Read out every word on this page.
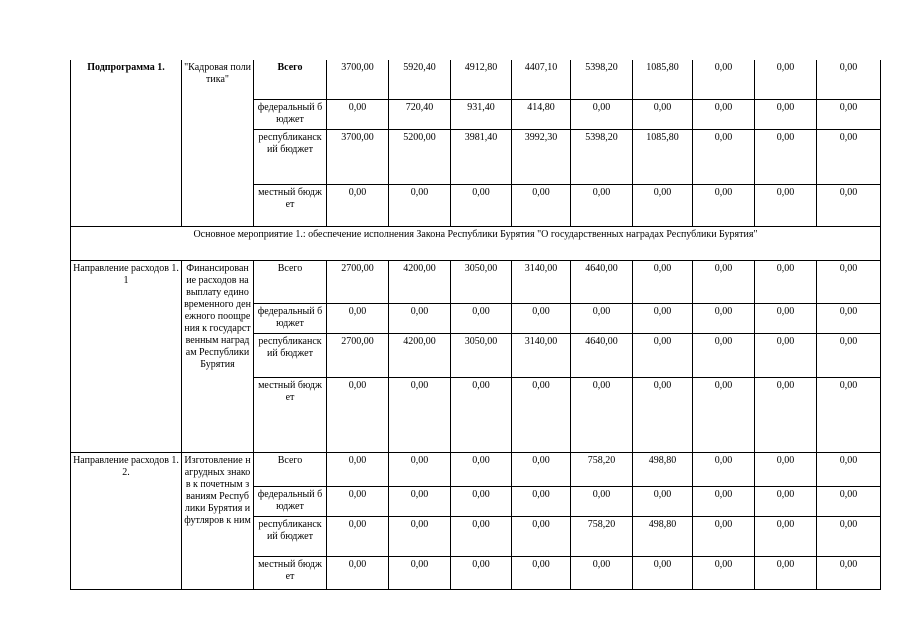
Подпрограмма 1.	"Кадровая политика"	Всего	3700,00	5920,40	4912,80	4407,10	5398,20	1085,80	0,00	0,00	0,00
		федеральный бюджет	0,00	720,40	931,40	414,80	0,00	0,00	0,00	0,00	0,00
		республиканский бюджет	3700,00	5200,00	3981,40	3992,30	5398,20	1085,80	0,00	0,00	0,00
		местный бюджет	0,00	0,00	0,00	0,00	0,00	0,00	0,00	0,00	0,00
Основное мероприятие 1.: обеспечение исполнения Закона Республики Бурятия "О государственных наградах Республики Бурятия"											
Направление расходов 1.1	Финансирование расходов на выплату единовременного денежного поощрения к государственным наградам Республики Бурятия	Всего	2700,00	4200,00	3050,00	3140,00	4640,00	0,00	0,00	0,00	0,00
		федеральный бюджет	0,00	0,00	0,00	0,00	0,00	0,00	0,00	0,00	0,00
		республиканский бюджет	2700,00	4200,00	3050,00	3140,00	4640,00	0,00	0,00	0,00	0,00
		местный бюджет	0,00	0,00	0,00	0,00	0,00	0,00	0,00	0,00	0,00
Направление расходов 1.2.	Изготовление нагрудных знаков к почетным званиям Республики Бурятия и футляров к ним	Всего	0,00	0,00	0,00	0,00	758,20	498,80	0,00	0,00	0,00
		федеральный бюджет	0,00	0,00	0,00	0,00	0,00	0,00	0,00	0,00	0,00
		республиканский бюджет	0,00	0,00	0,00	0,00	758,20	498,80	0,00	0,00	0,00
		местный бюджет	0,00	0,00	0,00	0,00	0,00	0,00	0,00	0,00	0,00
